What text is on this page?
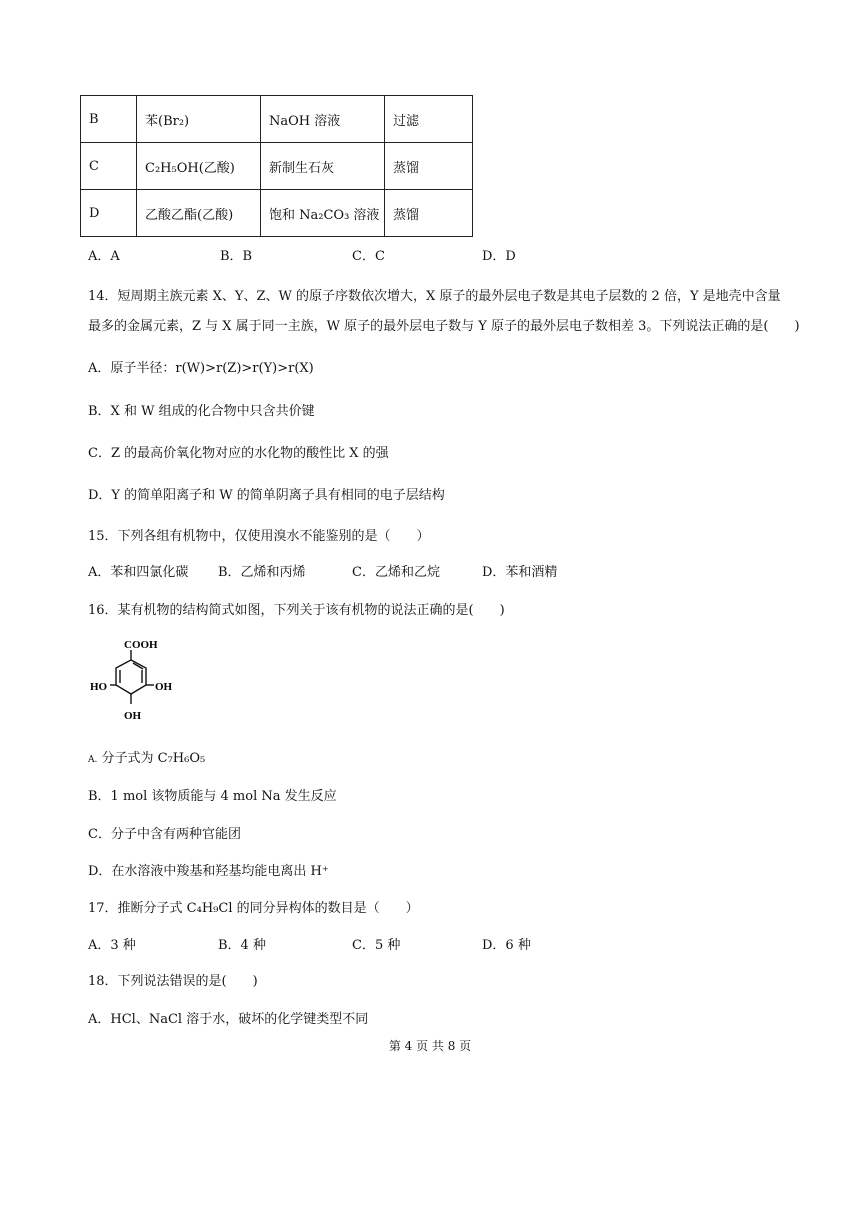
B	苯(Br₂)	NaOH 溶液	过滤
C	C₂H₅OH(乙酸)	新制生石灰	蒸馏
D	乙酸乙酯(乙酸)	饱和 Na₂CO₃ 溶液	蒸馏
A．A	B．B	C．C	D．D
14．短周期主族元素 X、Y、Z、W 的原子序数依次增大，X 原子的最外层电子数是其电子层数的 2 倍，Y 是地壳中含量
最多的金属元素，Z 与 X 属于同一主族，W 原子的最外层电子数与 Y 原子的最外层电子数相差 3。下列说法正确的是(　　)
A．原子半径：r(W)>r(Z)>r(Y)>r(X)
B．X 和 W 组成的化合物中只含共价键
C．Z 的最高价氧化物对应的水化物的酸性比 X 的强
D．Y 的简单阳离子和 W 的简单阴离子具有相同的电子层结构
15．下列各组有机物中，仅使用溴水不能鉴别的是（　　）
A．苯和四氯化碳 B．乙烯和丙烯	C．乙烯和乙烷	D．苯和酒精
16．某有机物的结构简式如图，下列关于该有机物的说法正确的是(　　)
COOH
HO	OH
OH
A. 分子式为 C₇H₆O₅
B．1 mol 该物质能与 4 mol Na 发生反应
C．分子中含有两种官能团
D．在水溶液中羧基和羟基均能电离出 H⁺
17．推断分子式 C₄H₉Cl 的同分异构体的数目是（　　）
A．3 种	B．4 种	C．5 种	D．6 种
18．下列说法错误的是(　　)
A．HCl、NaCl 溶于水，破坏的化学键类型不同
第 4 页 共 8 页
